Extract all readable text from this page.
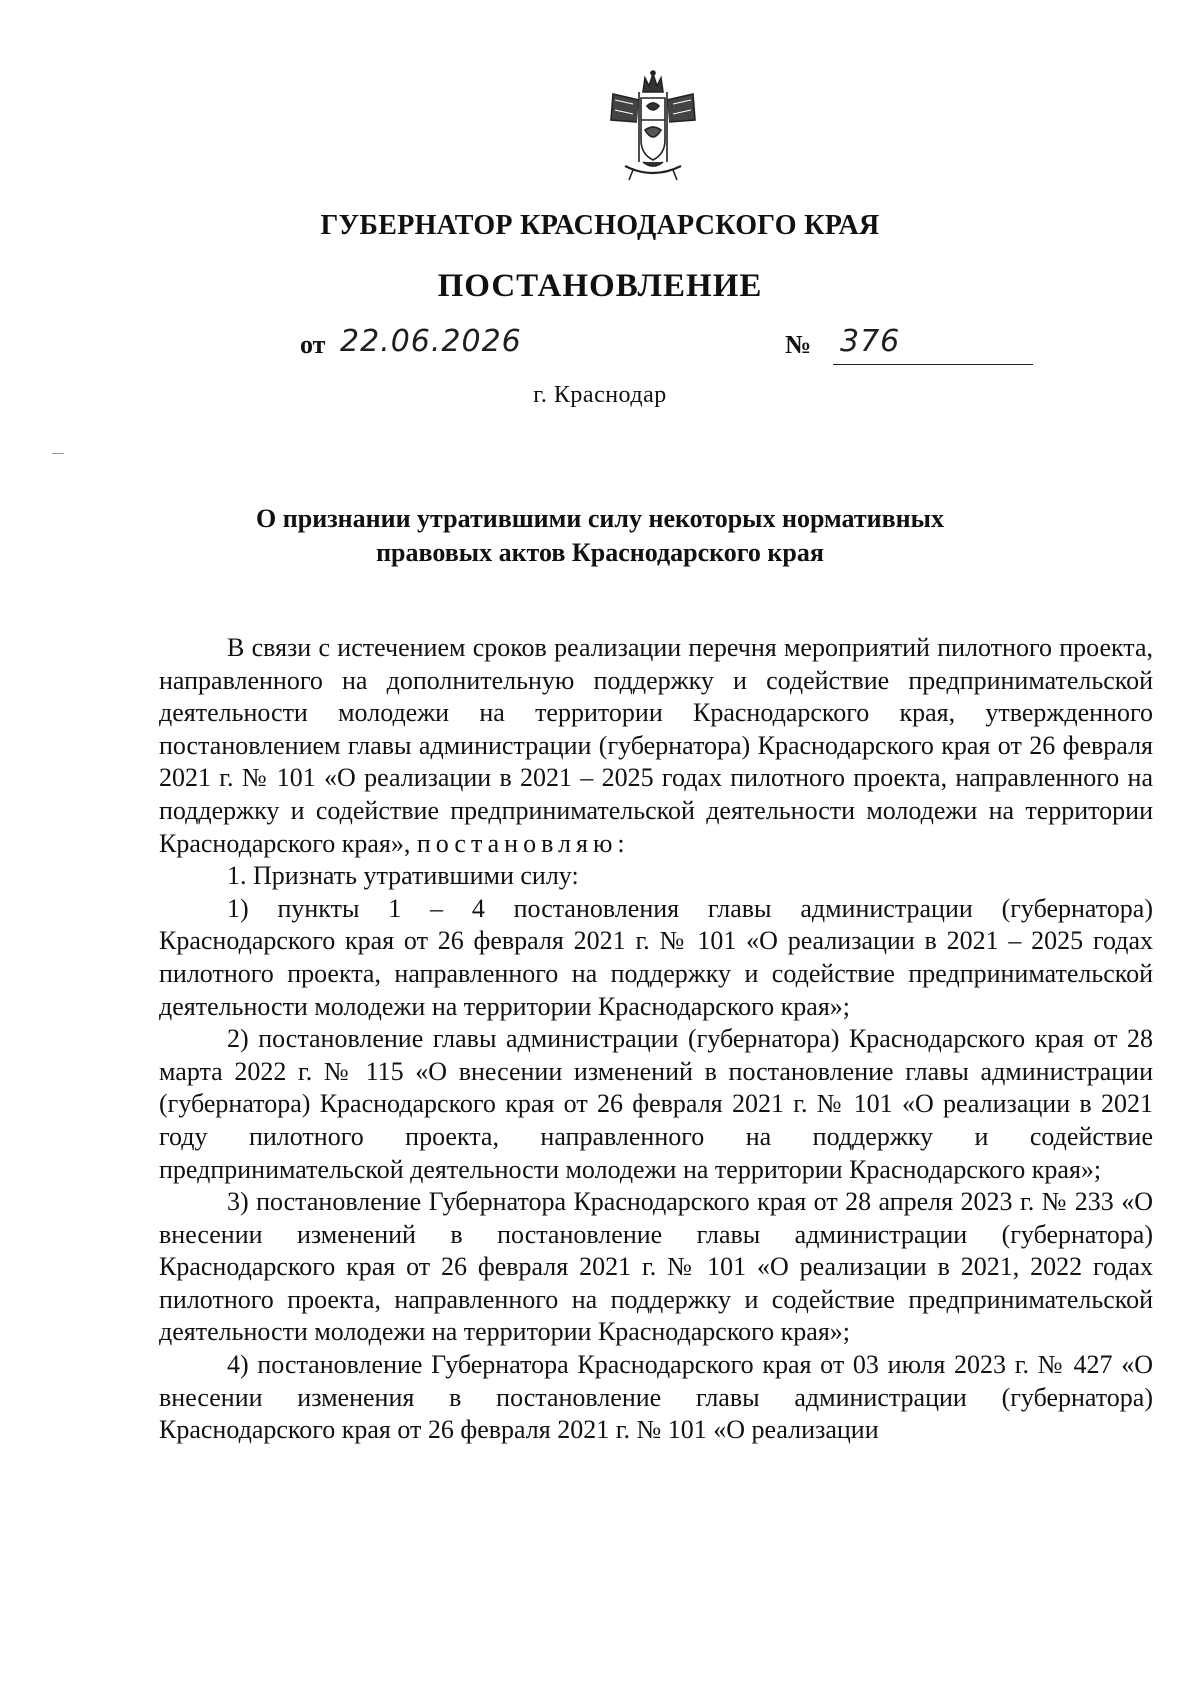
ГУБЕРНАТОР КРАСНОДАРСКОГО КРАЯ
ПОСТАНОВЛЕНИЕ
от 22.06.2026	№ 376
г. Краснодар
О признании утратившими силу некоторых нормативных
правовых актов Краснодарского края

В связи с истечением сроков реализации перечня мероприятий пилотного проекта, направленного на дополнительную поддержку и содействие предпринимательской деятельности молодежи на территории Краснодарского края, утвержденного постановлением главы администрации (губернатора) Краснодарского края от 26 февраля 2021 г. № 101 «О реализации в 2021 – 2025 годах пилотного проекта, направленного на поддержку и содействие предпринимательской деятельности молодежи на территории Краснодарского края», постановляю:

1. Признать утратившими силу:

1) пункты 1 – 4 постановления главы администрации (губернатора) Краснодарского края от 26 февраля 2021 г. № 101 «О реализации в 2021 – 2025 годах пилотного проекта, направленного на поддержку и содействие предпринимательской деятельности молодежи на территории Краснодарского края»;

2) постановление главы администрации (губернатора) Краснодарского края от 28 марта 2022 г. № 115 «О внесении изменений в постановление главы администрации (губернатора) Краснодарского края от 26 февраля 2021 г. № 101 «О реализации в 2021 году пилотного проекта, направленного на поддержку и содействие предпринимательской деятельности молодежи на территории Краснодарского края»;

3) постановление Губернатора Краснодарского края от 28 апреля 2023 г. № 233 «О внесении изменений в постановление главы администрации (губернатора) Краснодарского края от 26 февраля 2021 г. № 101 «О реализации в 2021, 2022 годах пилотного проекта, направленного на поддержку и содействие предпринимательской деятельности молодежи на территории Краснодарского края»;

4) постановление Губернатора Краснодарского края от 03 июля 2023 г. № 427 «О внесении изменения в постановление главы администрации (губернатора) Краснодарского края от 26 февраля 2021 г. № 101 «О реализации
